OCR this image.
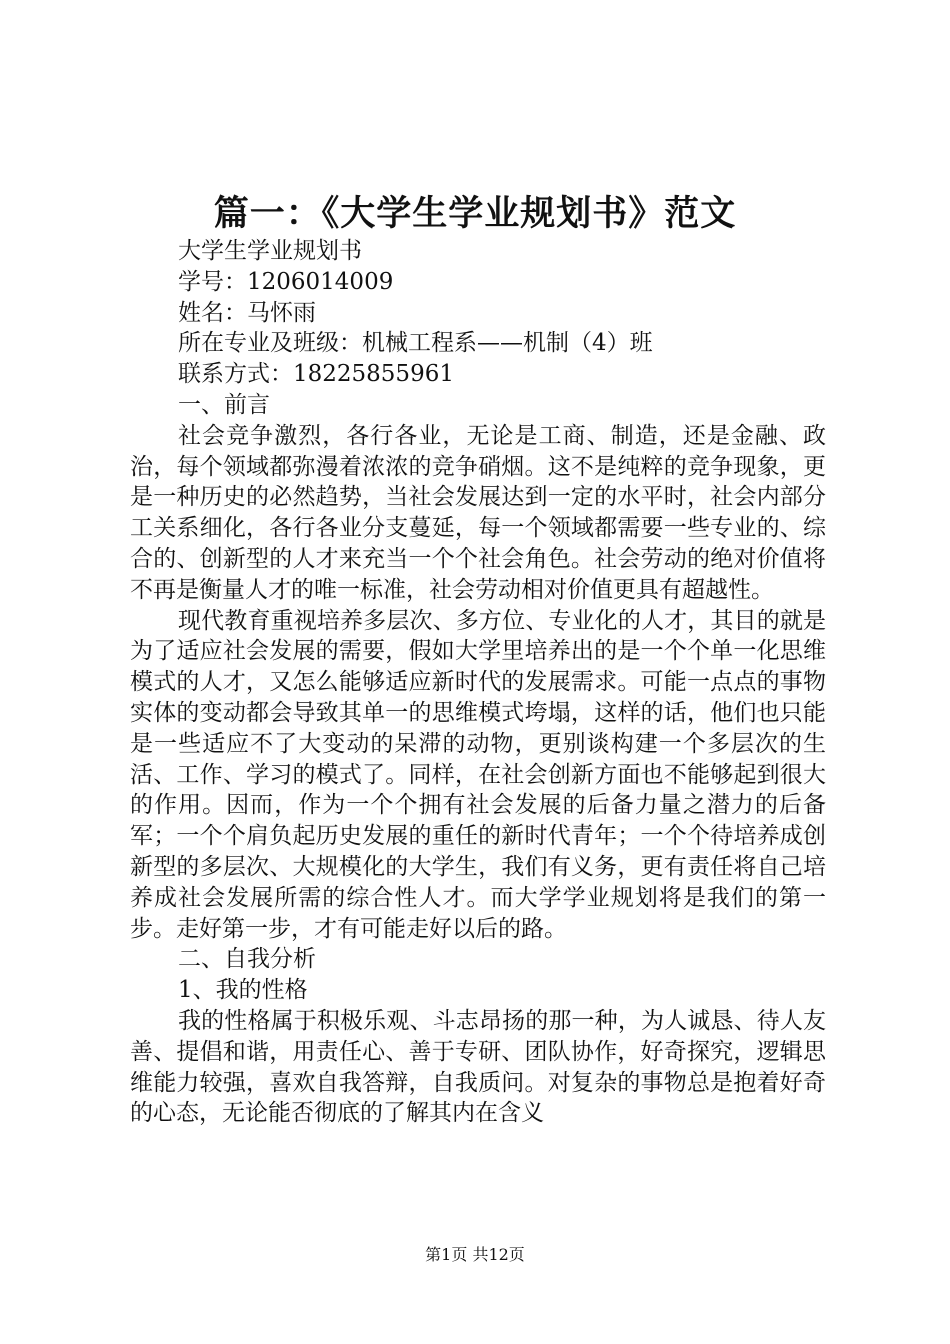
篇一：《大学生学业规划书》范文

大学生学业规划书

学号：1206014009

姓名：马怀雨

所在专业及班级：机械工程系——机制（4）班

联系方式：18225855961

一、前言

社会竞争激烈，各行各业，无论是工商、制造，还是金融、政治，每个领域都弥漫着浓浓的竞争硝烟。这不是纯粹的竞争现象，更是一种历史的必然趋势，当社会发展达到一定的水平时，社会内部分工关系细化，各行各业分支蔓延，每一个领域都需要一些专业的、综合的、创新型的人才来充当一个个社会角色。社会劳动的绝对价值将不再是衡量人才的唯一标准，社会劳动相对价值更具有超越性。

现代教育重视培养多层次、多方位、专业化的人才，其目的就是为了适应社会发展的需要，假如大学里培养出的是一个个单一化思维模式的人才，又怎么能够适应新时代的发展需求。可能一点点的事物实体的变动都会导致其单一的思维模式垮塌，这样的话，他们也只能是一些适应不了大变动的呆滞的动物，更别谈构建一个多层次的生活、工作、学习的模式了。同样，在社会创新方面也不能够起到很大的作用。因而，作为一个个拥有社会发展的后备力量之潜力的后备军；一个个肩负起历史发展的重任的新时代青年；一个个待培养成创新型的多层次、大规模化的大学生，我们有义务，更有责任将自己培养成社会发展所需的综合性人才。而大学学业规划将是我们的第一步。走好第一步，才有可能走好以后的路。

二、自我分析

1、我的性格

我的性格属于积极乐观、斗志昂扬的那一种，为人诚恳、待人友善、提倡和谐，用责任心、善于专研、团队协作，好奇探究，逻辑思维能力较强，喜欢自我答辩，自我质问。对复杂的事物总是抱着好奇的心态，无论能否彻底的了解其内在含义

第1页 共12页
